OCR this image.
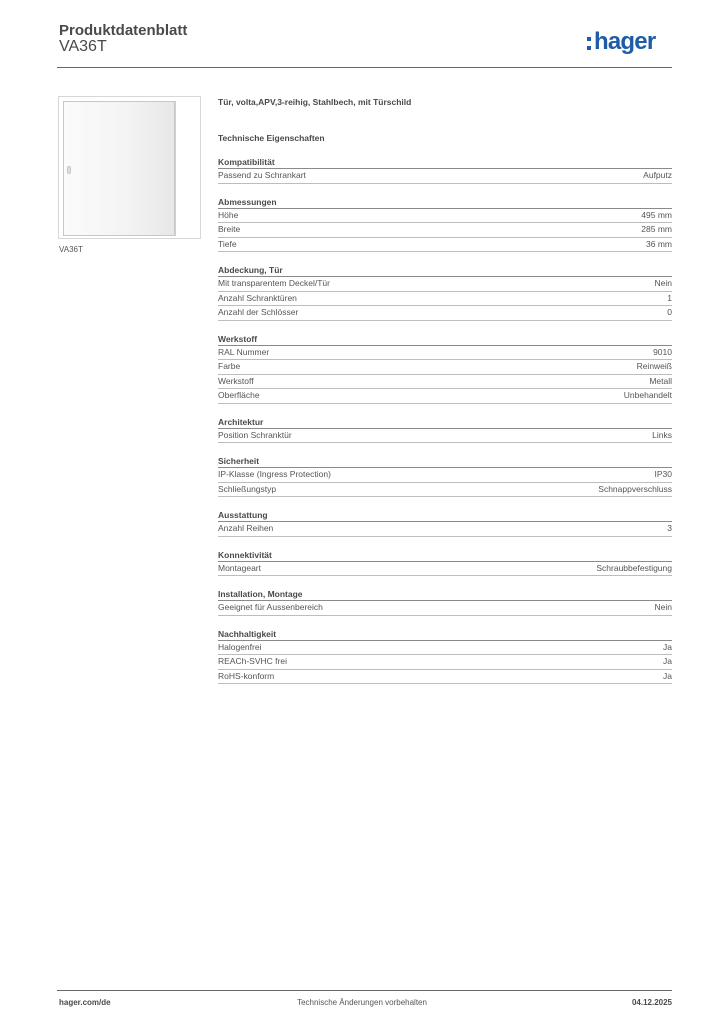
Produktdatenblatt
VA36T	hager
VA36T
Tür, volta,APV,3-reihig, Stahlbech, mit Türschild
Technische Eigenschaften
Kompatibilität
Passend zu Schrankart	Aufputz
Abmessungen
Höhe	495 mm
Breite	285 mm
Tiefe	36 mm
Abdeckung, Tür
Mit transparentem Deckel/Tür	Nein
Anzahl Schranktüren	1
Anzahl der Schlösser	0
Werkstoff
RAL Nummer	9010
Farbe	Reinweiß
Werkstoff	Metall
Oberfläche	Unbehandelt
Architektur
Position Schranktür	Links
Sicherheit
IP-Klasse (Ingress Protection)	IP30
Schließungstyp	Schnappverschluss
Ausstattung
Anzahl Reihen	3
Konnektivität
Montageart	Schraubbefestigung
Installation, Montage
Geeignet für Aussenbereich	Nein
Nachhaltigkeit
Halogenfrei	Ja
REACh-SVHC frei	Ja
RoHS-konform	Ja
hager.com/de	Technische Änderungen vorbehalten	04.12.2025
